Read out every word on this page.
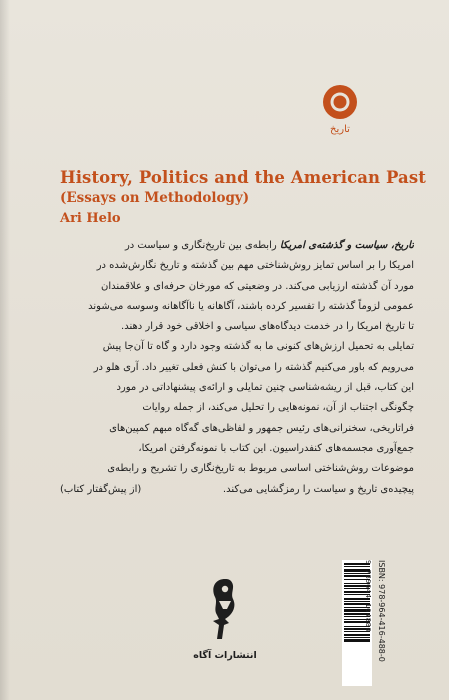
تاریخ
History, Politics and the American Past
(Essays on Methodology)
Ari Helo
تاریخ، سیاست و گذشته‌ی امریکا رابطه‌ی بین تاریخ‌نگاری و سیاست در
امریکا را بر اساس تمایز روش‌شناختی مهم بین گذشته و تاریخ نگارش‌شده در
مورد آن گذشته ارزیابی می‌کند. در وضعیتی که مورخان حرفه‌ای و علاقمندان
عمومی لزوماً گذشته را تفسیر کرده باشند، آگاهانه یا ناآگاهانه وسوسه می‌شوند
تا تاریخ امریکا را در خدمت دیدگاه‌های سیاسی و اخلاقی خود قرار دهند.
تمایلی به تحمیل ارزش‌های کنونی ما به گذشته وجود دارد و گاه تا آن‌جا پیش
می‌رویم که باور می‌کنیم گذشته را می‌توان با کنش فعلی تغییر داد. آری هلو در
این کتاب، قبل از ریشه‌شناسی چنین تمایلی و ارائه‌ی پیشنهاداتی در مورد
چگونگی اجتناب از آن، نمونه‌هایی را تحلیل می‌کند، از جمله روایات
فراتاریخی، سخنرانی‌های رئیس جمهور و لفاظی‌های گه‌گاه مبهم کمپین‌های
جمع‌آوری مجسمه‌های کنفدراسیون. این کتاب با نمونه‌گرفتن امریکا،
موضوعات روش‌شناختی اساسی مربوط به تاریخ‌نگاری را تشریح و رابطه‌ی
پیچیده‌ی تاریخ و سیاست را رمزگشایی می‌کند.
(از پیش‌گفتار کتاب)
انتشارات آگاه
9 789644 164880 ISBN: 978-964-416-488-0
